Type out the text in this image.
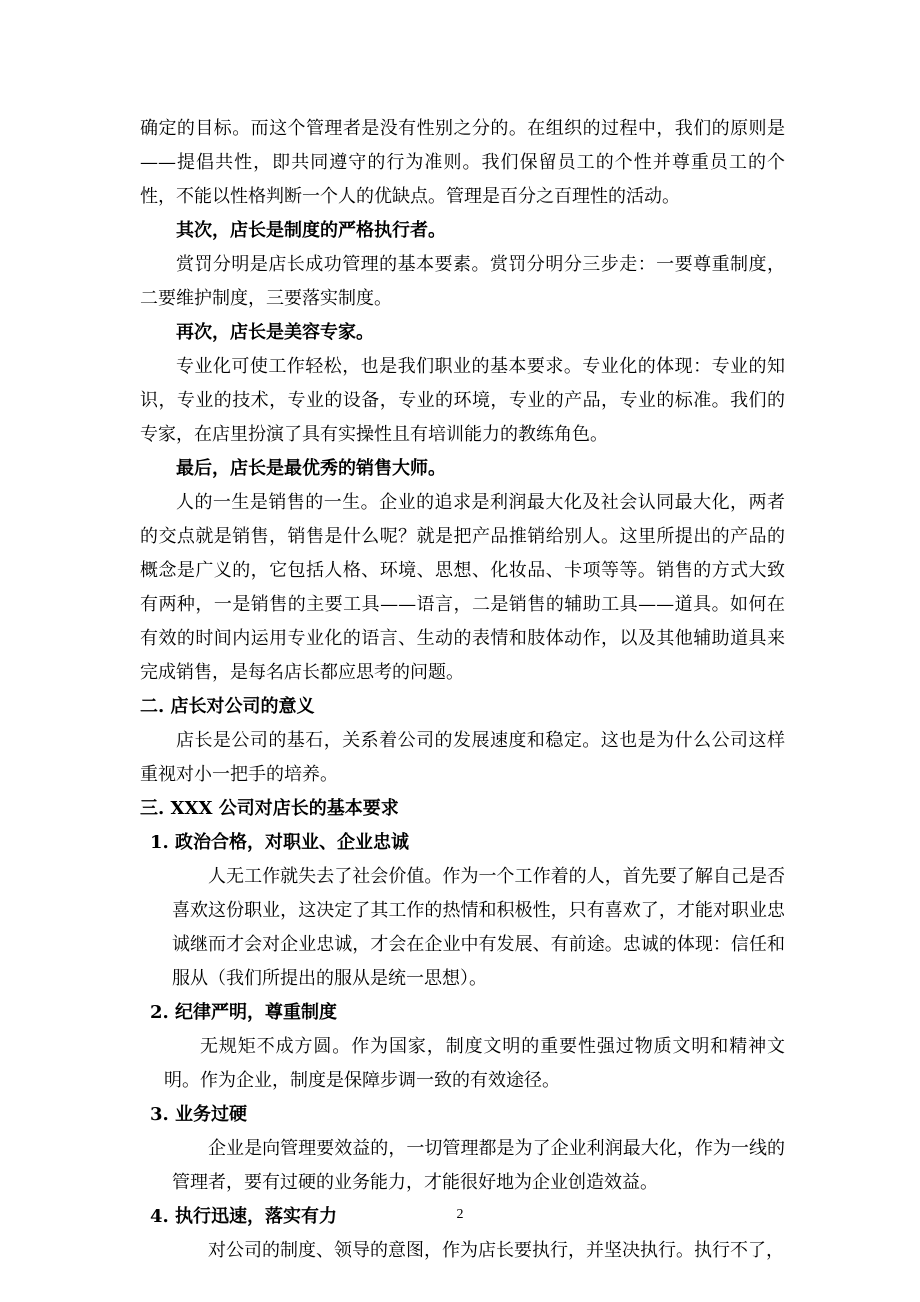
确定的目标。而这个管理者是没有性别之分的。在组织的过程中，我们的原则是——提倡共性，即共同遵守的行为准则。我们保留员工的个性并尊重员工的个性，不能以性格判断一个人的优缺点。管理是百分之百理性的活动。

其次，店长是制度的严格执行者。

赏罚分明是店长成功管理的基本要素。赏罚分明分三步走：一要尊重制度，二要维护制度，三要落实制度。

再次，店长是美容专家。

专业化可使工作轻松，也是我们职业的基本要求。专业化的体现：专业的知识，专业的技术，专业的设备，专业的环境，专业的产品，专业的标准。我们的专家，在店里扮演了具有实操性且有培训能力的教练角色。

最后，店长是最优秀的销售大师。

人的一生是销售的一生。企业的追求是利润最大化及社会认同最大化，两者的交点就是销售，销售是什么呢？就是把产品推销给别人。这里所提出的产品的概念是广义的，它包括人格、环境、思想、化妆品、卡项等等。销售的方式大致有两种，一是销售的主要工具——语言，二是销售的辅助工具——道具。如何在有效的时间内运用专业化的语言、生动的表情和肢体动作，以及其他辅助道具来完成销售，是每名店长都应思考的问题。

二. 店长对公司的意义

店长是公司的基石，关系着公司的发展速度和稳定。这也是为什么公司这样重视对小一把手的培养。

三. XXX 公司对店长的基本要求

1. 政治合格，对职业、企业忠诚

人无工作就失去了社会价值。作为一个工作着的人，首先要了解自己是否喜欢这份职业，这决定了其工作的热情和积极性，只有喜欢了，才能对职业忠诚继而才会对企业忠诚，才会在企业中有发展、有前途。忠诚的体现：信任和服从（我们所提出的服从是统一思想）。

2. 纪律严明，尊重制度

无规矩不成方圆。作为国家，制度文明的重要性强过物质文明和精神文明。作为企业，制度是保障步调一致的有效途径。

3. 业务过硬

企业是向管理要效益的，一切管理都是为了企业利润最大化，作为一线的管理者，要有过硬的业务能力，才能很好地为企业创造效益。

4. 执行迅速，落实有力

对公司的制度、领导的意图，作为店长要执行，并坚决执行。执行不了，

2
